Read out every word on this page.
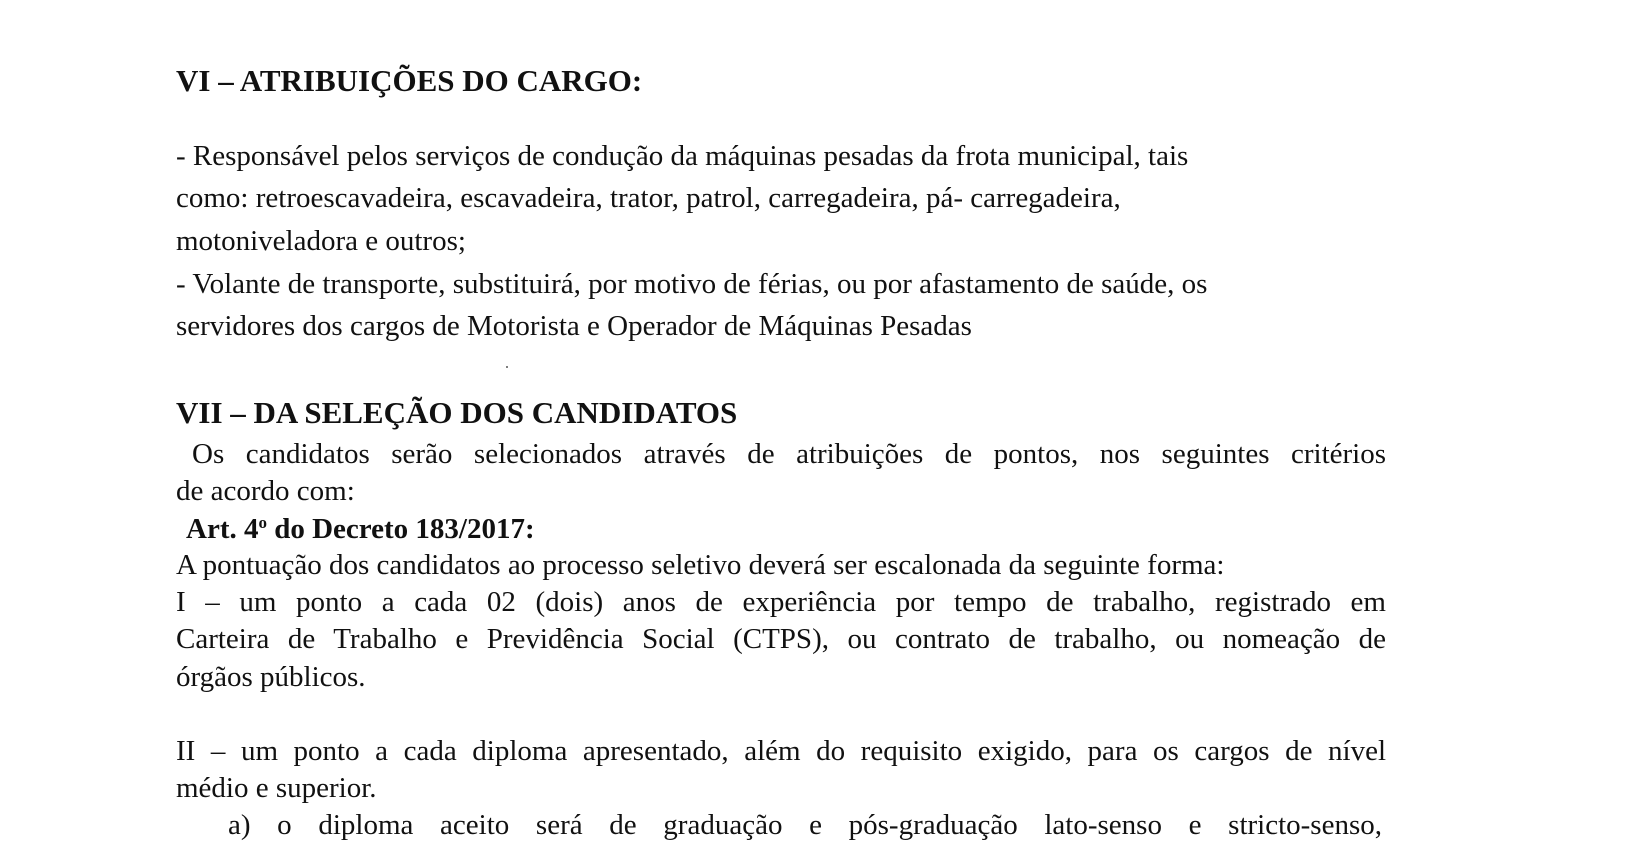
VI – ATRIBUIÇÕES DO CARGO:

- Responsável pelos serviços de condução da máquinas pesadas da frota municipal, tais

como: retroescavadeira, escavadeira, trator, patrol, carregadeira, pá- carregadeira,

motoniveladora e outros;

- Volante de transporte, substituirá, por motivo de férias, ou por afastamento de saúde, os

servidores dos cargos de Motorista e Operador de Máquinas Pesadas

VII – DA SELEÇÃO DOS CANDIDATOS

Os candidatos serão selecionados através de atribuições de pontos, nos seguintes critérios

de acordo com:

Art. 4$^o$ do Decreto 183/2017:

A pontuação dos candidatos ao processo seletivo deverá ser escalonada da seguinte forma:

I – um ponto a cada 02 (dois) anos de experiência por tempo de trabalho, registrado em

Carteira de Trabalho e Previdência Social (CTPS), ou contrato de trabalho, ou nomeação de

órgãos públicos.

II – um ponto a cada diploma apresentado, além do requisito exigido, para os cargos de nível

médio e superior.

a) o diploma aceito será de graduação e pós-graduação lato-senso e stricto-senso,
